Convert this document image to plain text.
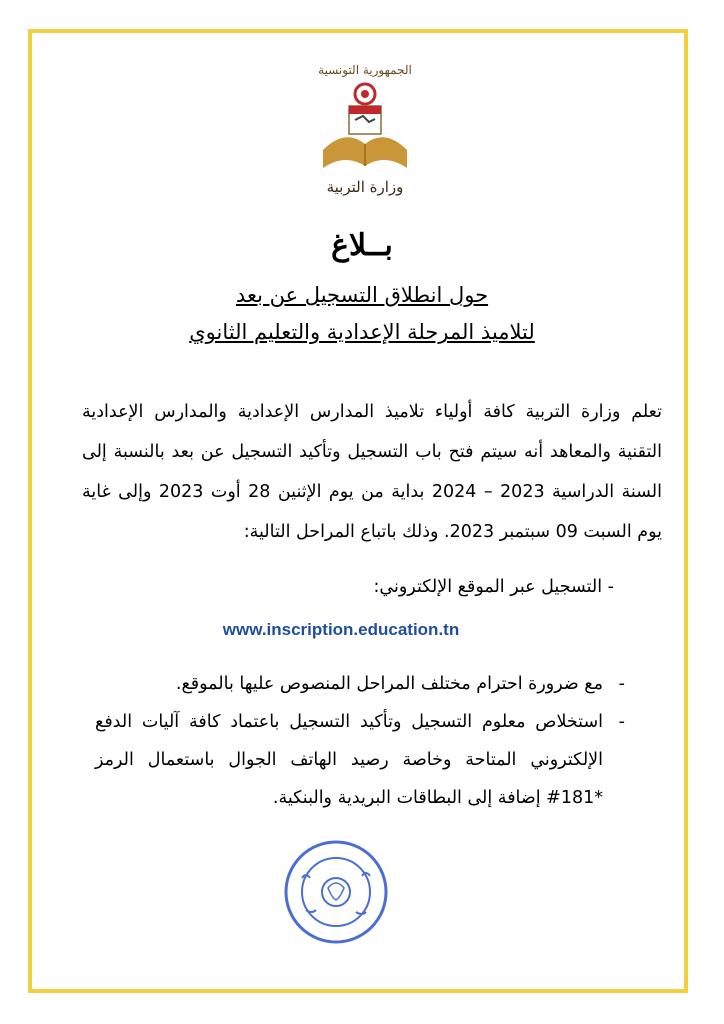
الجمهورية التونسية
وزارة التربية
بــلاغ
حول انطلاق التسجيل عن بعد
لتلاميذ المرحلة الإعدادية والتعليم الثانوي

تعلم وزارة التربية كافة أولياء تلاميذ المدارس الإعدادية والمدارس الإعدادية التقنية والمعاهد أنه سيتم فتح باب التسجيل وتأكيد التسجيل عن بعد بالنسبة إلى السنة الدراسية 2023 – 2024 بداية من يوم الإثنين 28 أوت 2023 وإلى غاية يوم السبت 09 سبتمبر 2023. وذلك باتباع المراحل التالية:

- التسجيل عبر الموقع الإلكتروني:
www.inscription.education.tn
-
مع ضرورة احترام مختلف المراحل المنصوص عليها بالموقع.
-
استخلاص معلوم التسجيل وتأكيد التسجيل باعتماد كافة آليات الدفع الإلكتروني المتاحة وخاصة رصيد الهاتف الجوال باستعمال الرمز *181# إضافة إلى البطاقات البريدية والبنكية.
